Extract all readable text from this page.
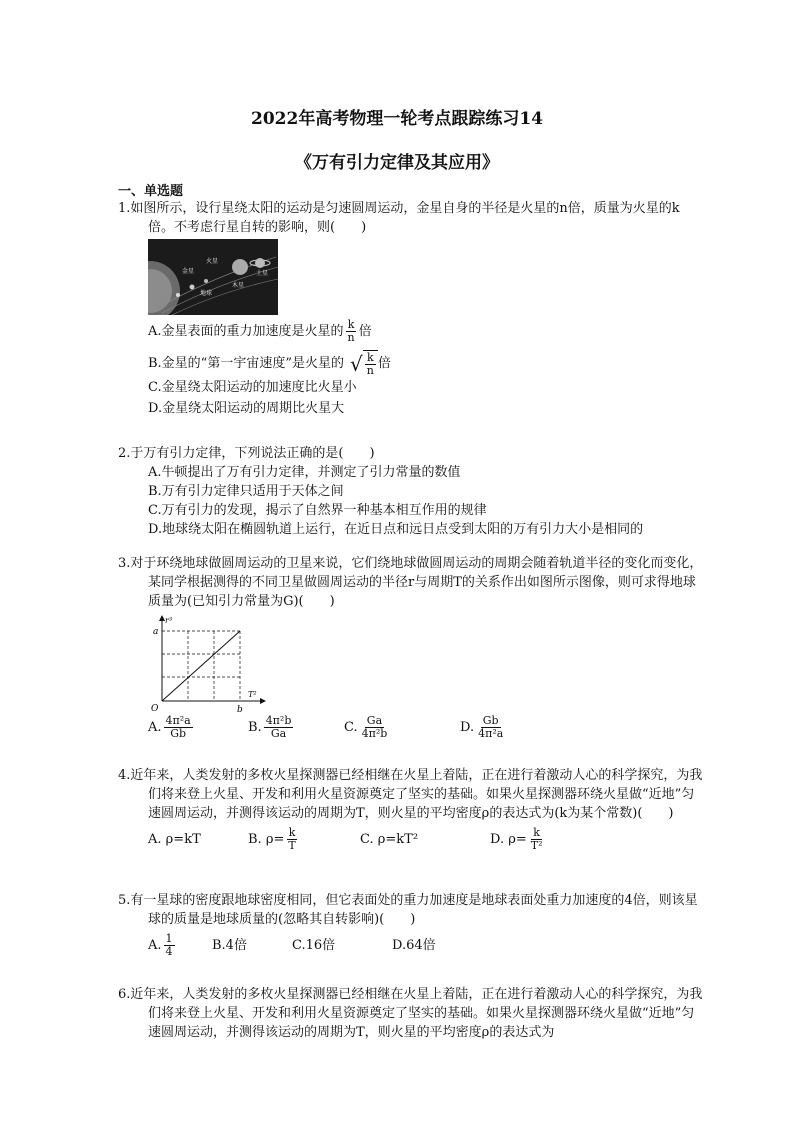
2022年高考物理一轮考点跟踪练习14
《万有引力定律及其应用》
一、单选题
1.如图所示，设行星绕太阳的运动是匀速圆周运动，金星自身的半径是火星的n倍，质量为火星的k倍。不考虑行星自转的影响，则(　　)
金星
火星
土星
地球
木星
A.金星表面的重力加速度是火星的 $\frac{k}{n}$ 倍
B.金星的“第一宇宙速度”是火星的 √ $\frac{k}{n}$ 倍
C.金星绕太阳运动的加速度比火星小
D.金星绕太阳运动的周期比火星大
2.于万有引力定律，下列说法正确的是(　　)
A.牛顿提出了万有引力定律，并测定了引力常量的数值
B.万有引力定律只适用于天体之间
C.万有引力的发现，揭示了自然界一种基本相互作用的规律
D.地球绕太阳在椭圆轨道上运行，在近日点和远日点受到太阳的万有引力大小是相同的
3.对于环绕地球做圆周运动的卫星来说，它们绕地球做圆周运动的周期会随着轨道半径的变化而变化，某同学根据测得的不同卫星做圆周运动的半径r与周期T的关系作出如图所示图像，则可求得地球质量为(已知引力常量为G)(　　)
r³
T²
O
a
b
A. $\frac{\text{4π²a}}{Gb}$	B. $\frac{\text{4π²b}}{Ga}$	C. $\frac{Ga}{\text{4π²b}}$	D. $\frac{Gb}{\text{4π²a}}$
4.近年来，人类发射的多枚火星探测器已经相继在火星上着陆，正在进行着激动人心的科学探究，为我们将来登上火星、开发和利用火星资源奠定了坚实的基础。如果火星探测器环绕火星做“近地”匀速圆周运动，并测得该运动的周期为T，则火星的平均密度ρ的表达式为(k为某个常数)(　　)
A. ρ=kT	B. $\rho= \frac{k}{T}$	C. ρ=kT²	D. $\rho= \frac{k}{\text{T²}}$
5.有一星球的密度跟地球密度相同，但它表面处的重力加速度是地球表面处重力加速度的4倍，则该星球的质量是地球质量的(忽略其自转影响)(　　)
A. $\frac{1}{4}$	B.4倍	C.16倍	D.64倍
6.近年来，人类发射的多枚火星探测器已经相继在火星上着陆，正在进行着激动人心的科学探究，为我们将来登上火星、开发和利用火星资源奠定了坚实的基础。如果火星探测器环绕火星做“近地”匀速圆周运动，并测得该运动的周期为T，则火星的平均密度ρ的表达式为
